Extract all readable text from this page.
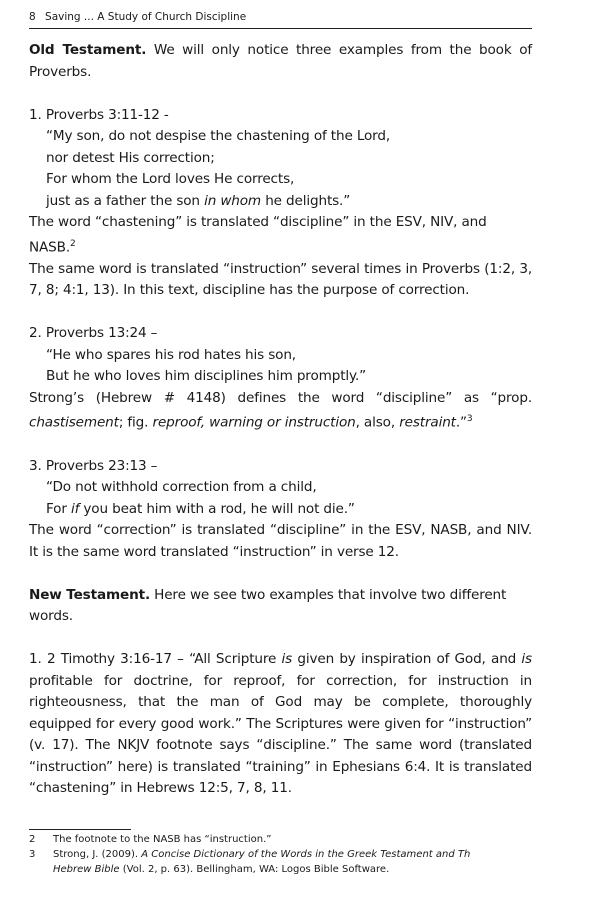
8 Saving ... A Study of Church Discipline

Old Testament. We will only notice three examples from the book of Proverbs.

1. Proverbs 3:11-12 -

“My son, do not despise the chastening of the Lord,

nor detest His correction;

For whom the Lord loves He corrects,

just as a father the son in whom he delights.”

The word “chastening” is translated “discipline” in the ESV, NIV, and NASB.$^2$

The same word is translated “instruction” several times in Proverbs (1:2, 3, 7, 8; 4:1, 13). In this text, discipline has the purpose of correction.

2. Proverbs 13:24 –

“He who spares his rod hates his son,

But he who loves him disciplines him promptly.”

Strong’s (Hebrew # 4148) defines the word “discipline” as “prop. chastisement; fig. reproof, warning or instruction, also, restraint.”$^3$

3. Proverbs 23:13 –

“Do not withhold correction from a child,

For if you beat him with a rod, he will not die.”

The word “correction” is translated “discipline” in the ESV, NASB, and NIV. It is the same word translated “instruction” in verse 12.

New Testament. Here we see two examples that involve two different words.

1. 2 Timothy 3:16-17 – “All Scripture is given by inspiration of God, and is profitable for doctrine, for reproof, for correction, for instruction in righteousness, that the man of God may be complete, thoroughly equipped for every good work.” The Scriptures were given for “instruction” (v. 17). The NKJV footnote says “discipline.” The same word (translated “instruction” here) is translated “training” in Ephesians 6:4. It is translated “chastening” in Hebrews 12:5, 7, 8, 11.

2	The footnote to the NASB has “instruction.”
3	Strong, J. (2009). A Concise Dictionary of the Words in the Greek Testament and Th
Hebrew Bible (Vol. 2, p. 63). Bellingham, WA: Logos Bible Software.
